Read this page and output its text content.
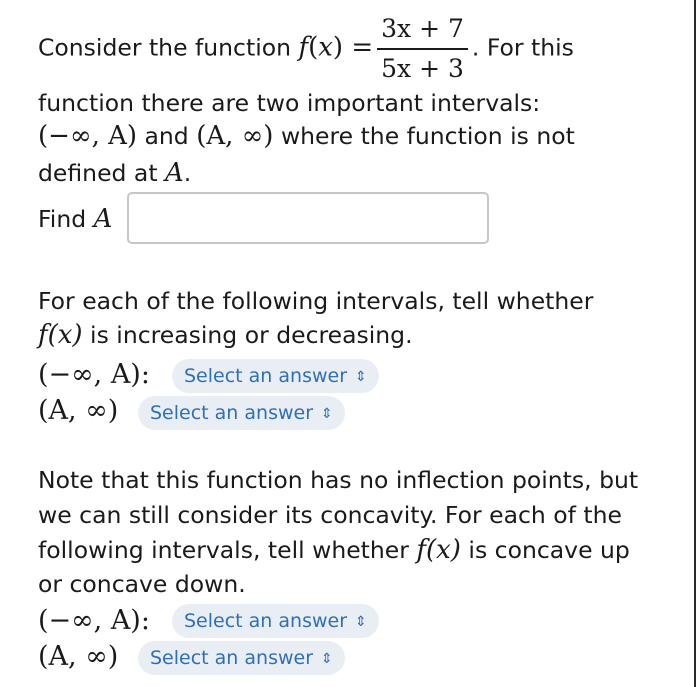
Consider the function $f(x) = \frac{3x + 7}{5x + 3}$ . For this
function there are two important intervals:
(−∞, A) and (A, ∞) where the function is not
defined at A.
Find A
For each of the following intervals, tell whether
f(x) is increasing or decreasing.
(−∞, A):	Select an answer ⇕
(A, ∞)	Select an answer ⇕
Note that this function has no inflection points, but
we can still consider its concavity. For each of the
following intervals, tell whether f(x) is concave up
or concave down.
(−∞, A):	Select an answer ⇕
(A, ∞)	Select an answer ⇕
